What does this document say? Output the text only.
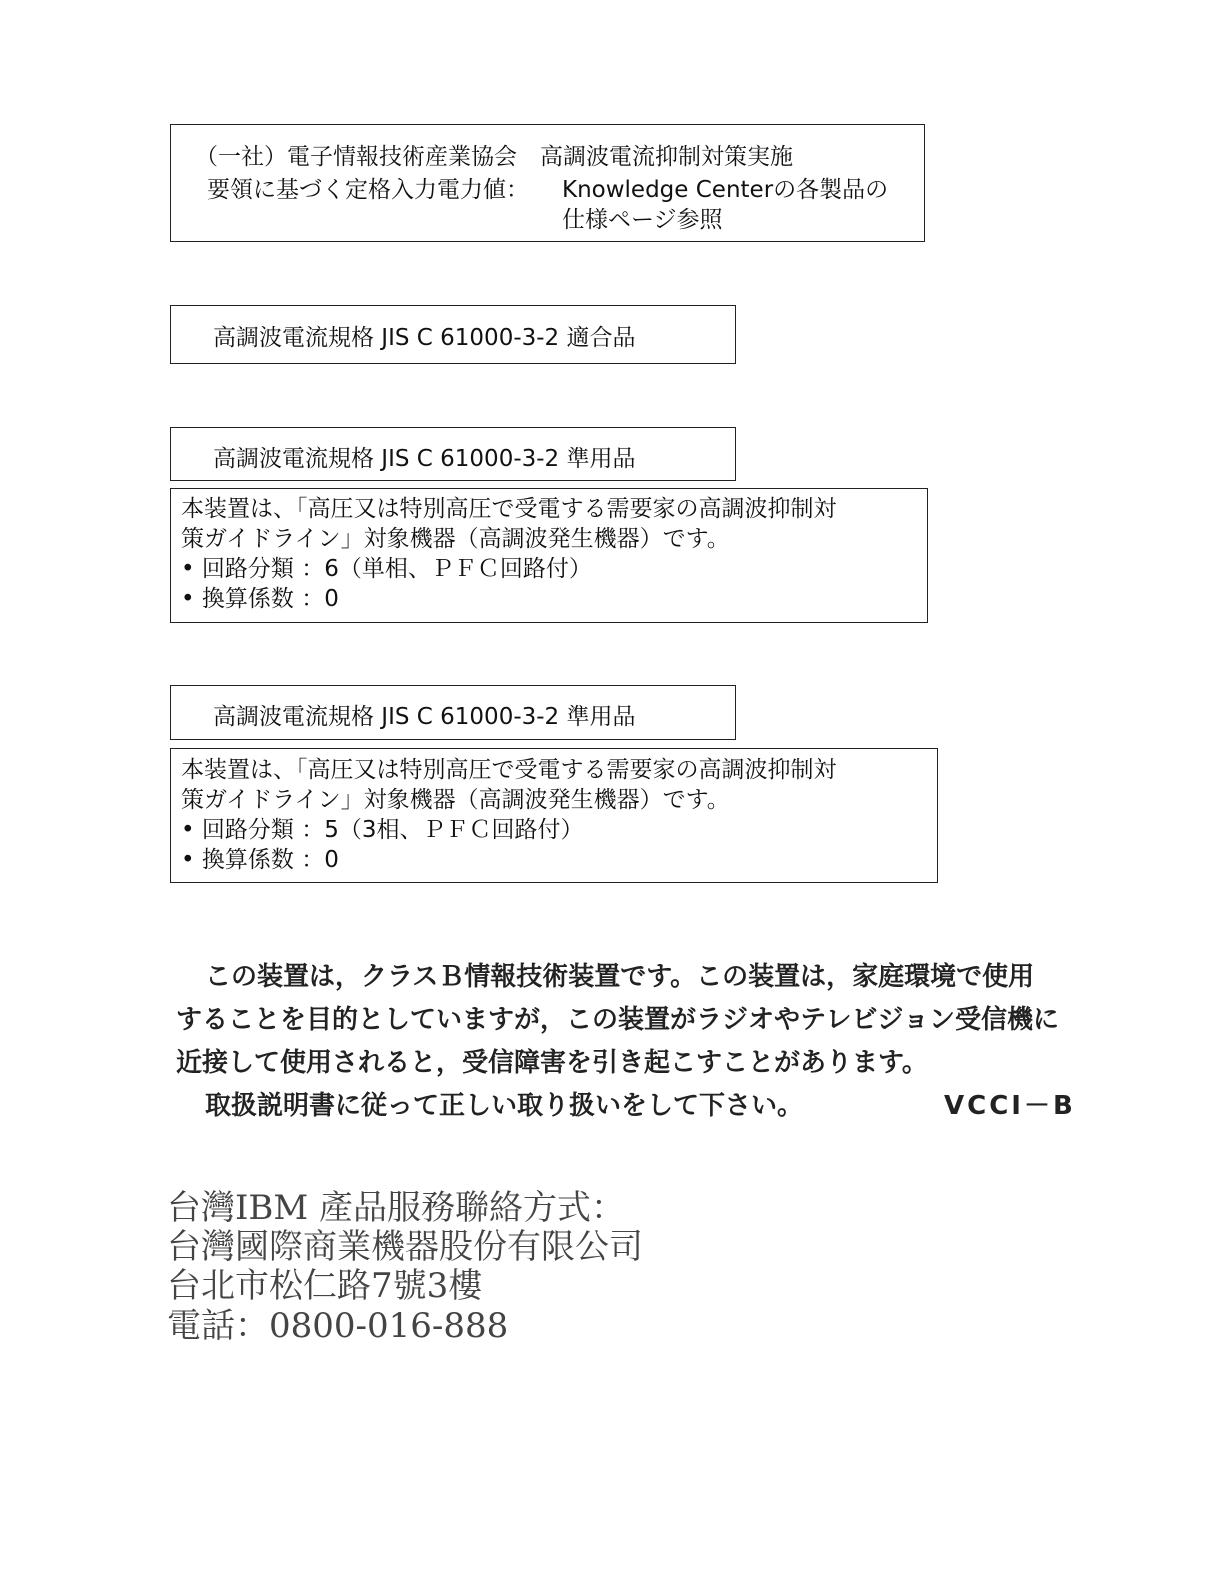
（一社）電子情報技術産業協会　高調波電流抑制対策実施
要領に基づく定格入力電力値： Knowledge Centerの各製品の
仕様ページ参照
高調波電流規格 JIS C 61000-3-2 適合品
高調波電流規格 JIS C 61000-3-2 準用品
本装置は、「高圧又は特別高圧で受電する需要家の高調波抑制対
策ガイドライン」対象機器（高調波発生機器）です。
• 回路分類 ：6（単相、ＰＦＣ回路付）
• 換算係数 ：0
高調波電流規格 JIS C 61000-3-2 準用品
本装置は、「高圧又は特別高圧で受電する需要家の高調波抑制対
策ガイドライン」対象機器（高調波発生機器）です。
• 回路分類 ：5（3相、ＰＦＣ回路付）
• 換算係数 ：0
この装置は，クラスＢ情報技術装置です。この装置は，家庭環境で使用
することを目的としていますが，この装置がラジオやテレビジョン受信機に
近接して使用されると，受信障害を引き起こすことがあります。
取扱説明書に従って正しい取り扱いをして下さい。	VCCI－B
台灣IBM 產品服務聯絡方式：
台灣國際商業機器股份有限公司
台北市松仁路7號3樓
電話：0800-016-888
